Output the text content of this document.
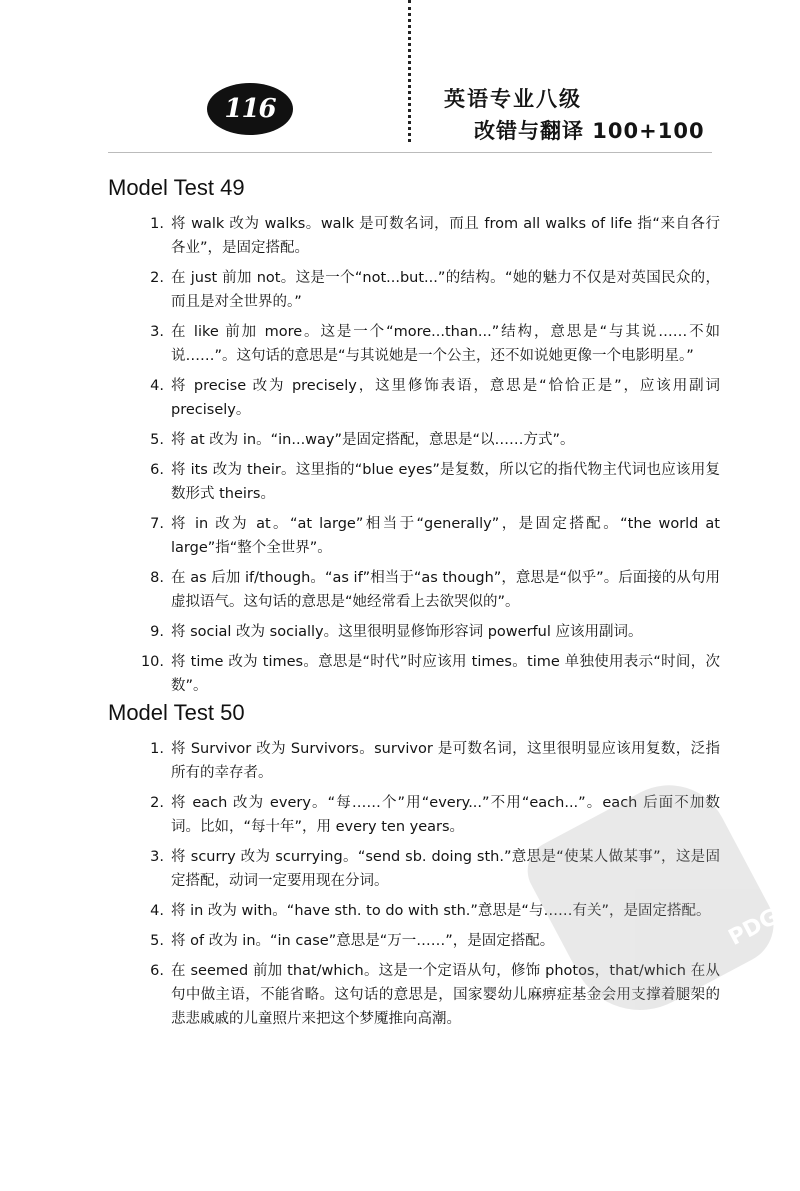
116	英语专业八级
改错与翻译 100+100
Model Test 49
1. 将 walk 改为 walks。walk 是可数名词，而且 from all walks of life 指“来自各行各业”，是固定搭配。
2. 在 just 前加 not。这是一个“not...but...”的结构。“她的魅力不仅是对英国民众的，而且是对全世界的。”
3. 在 like 前加 more。这是一个“more...than...”结构，意思是“与其说……不如说……”。这句话的意思是“与其说她是一个公主，还不如说她更像一个电影明星。”
4. 将 precise 改为 precisely，这里修饰表语，意思是“恰恰正是”，应该用副词 precisely。
5. 将 at 改为 in。“in...way”是固定搭配，意思是“以……方式”。
6. 将 its 改为 their。这里指的“blue eyes”是复数，所以它的指代物主代词也应该用复数形式 theirs。
7. 将 in 改为 at。“at large”相当于“generally”，是固定搭配。“the world at large”指“整个全世界”。
8. 在 as 后加 if/though。“as if”相当于“as though”，意思是“似乎”。后面接的从句用虚拟语气。这句话的意思是“她经常看上去欲哭似的”。
9. 将 social 改为 socially。这里很明显修饰形容词 powerful 应该用副词。
10. 将 time 改为 times。意思是“时代”时应该用 times。time 单独使用表示“时间，次数”。
Model Test 50
1. 将 Survivor 改为 Survivors。survivor 是可数名词，这里很明显应该用复数，泛指所有的幸存者。
2. 将 each 改为 every。“每……个”用“every...”不用“each...”。each 后面不加数词。比如，“每十年”，用 every ten years。
3. 将 scurry 改为 scurrying。“send sb. doing sth.”意思是“使某人做某事”，这是固定搭配，动词一定要用现在分词。
4. 将 in 改为 with。“have sth. to do with sth.”意思是“与……有关”，是固定搭配。
5. 将 of 改为 in。“in case”意思是“万一……”，是固定搭配。
6. 在 seemed 前加 that/which。这是一个定语从句，修饰 photos，that/which 在从句中做主语，不能省略。这句话的意思是，国家婴幼儿麻痹症基金会用支撑着腿架的悲悲戚戚的儿童照片来把这个梦魇推向高潮。
PDG
